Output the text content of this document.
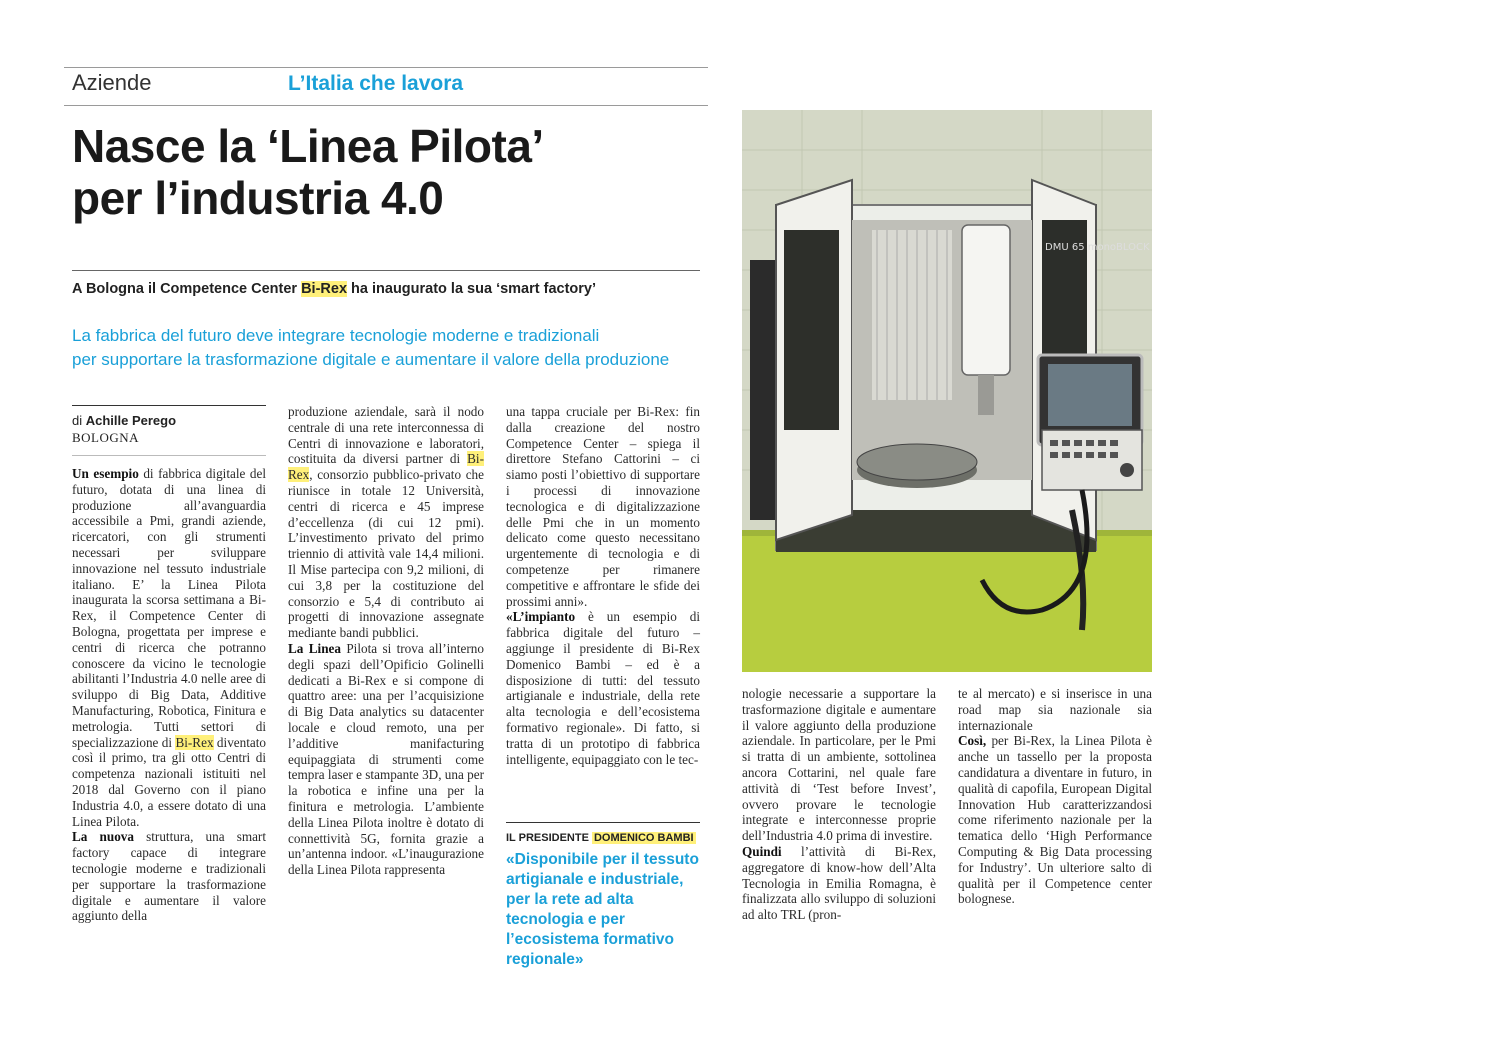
Aziende	L’Italia che lavora
Nasce la ‘Linea Pilota’
per l’industria 4.0
A Bologna il Competence Center Bi-Rex ha inaugurato la sua ‘smart factory’
La fabbrica del futuro deve integrare tecnologie moderne e tradizionali
per supportare la trasformazione digitale e aumentare il valore della produzione
di Achille Perego
BOLOGNA

Un esempio di fabbrica digitale del futuro, dotata di una linea di produzione all’avanguardia accessibile a Pmi, grandi aziende, ricercatori, con gli strumenti necessari per sviluppare innovazione nel tessuto industriale italiano. E’ la Linea Pilota inaugurata la scorsa settimana a Bi-Rex, il Competence Center di Bologna, progettata per imprese e centri di ricerca che potranno conoscere da vicino le tecnologie abilitanti l’Industria 4.0 nelle aree di sviluppo di Big Data, Additive Manufacturing, Robotica, Finitura e metrologia. Tutti settori di specializzazione di Bi-Rex diventato così il primo, tra gli otto Centri di competenza nazionali istituiti nel 2018 dal Governo con il piano Industria 4.0, a essere dotato di una Linea Pilota.

La nuova struttura, una smart factory capace di integrare tecnologie moderne e tradizionali per supportare la trasformazione digitale e aumentare il valore aggiunto della

produzione aziendale, sarà il nodo centrale di una rete interconnessa di Centri di innovazione e laboratori, costituita da diversi partner di Bi-Rex, consorzio pubblico-privato che riunisce in totale 12 Università, centri di ricerca e 45 imprese d’eccellenza (di cui 12 pmi). L’investimento privato del primo triennio di attività vale 14,4 milioni. Il Mise partecipa con 9,2 milioni, di cui 3,8 per la costituzione del consorzio e 5,4 di contributo ai progetti di innovazione assegnate mediante bandi pubblici.

La Linea Pilota si trova all’interno degli spazi dell’Opificio Golinelli dedicati a Bi-Rex e si compone di quattro aree: una per l’acquisizione di Big Data analytics su datacenter locale e cloud remoto, una per l’additive manifacturing equipaggiata di strumenti come tempra laser e stampante 3D, una per la robotica e infine una per la finitura e metrologia. L’ambiente della Linea Pilota inoltre è dotato di connettività 5G, fornita grazie a un’antenna indoor. «L’inaugurazione della Linea Pilota rappresenta

una tappa cruciale per Bi-Rex: fin dalla creazione del nostro Competence Center – spiega il direttore Stefano Cattorini – ci siamo posti l’obiettivo di supportare i processi di innovazione tecnologica e di digitalizzazione delle Pmi che in un momento delicato come questo necessitano urgentemente di tecnologia e di competenze per rimanere competitive e affrontare le sfide dei prossimi anni».

«L’impianto è un esempio di fabbrica digitale del futuro – aggiunge il presidente di Bi-Rex Domenico Bambi – ed è a disposizione di tutti: del tessuto artigianale e industriale, della rete alta tecnologia e dell’ecosistema formativo regionale». Di fatto, si tratta di un prototipo di fabbrica intelligente, equipaggiato con le tec-

IL PRESIDENTE DOMENICO BAMBI
«Disponibile per il tessuto artigianale e industriale, per la rete ad alta tecnologia e per l’ecosistema formativo regionale»
DMU 65 monoBLOCK

nologie necessarie a supportare la trasformazione digitale e aumentare il valore aggiunto della produzione aziendale. In particolare, per le Pmi si tratta di un ambiente, sottolinea ancora Cottarini, nel quale fare attività di ‘Test before Invest’, ovvero provare le tecnologie integrate e interconnesse proprie dell’Industria 4.0 prima di investire.

Quindi l’attività di Bi-Rex, aggregatore di know-how dell’Alta Tecnologia in Emilia Romagna, è finalizzata allo sviluppo di soluzioni ad alto TRL (pron-

te al mercato) e si inserisce in una road map sia nazionale sia internazionale

Così, per Bi-Rex, la Linea Pilota è anche un tassello per la proposta candidatura a diventare in futuro, in qualità di capofila, European Digital Innovation Hub caratterizzandosi come riferimento nazionale per la tematica dello ‘High Performance Computing & Big Data processing for Industry’. Un ulteriore salto di qualità per il Competence center bolognese.
